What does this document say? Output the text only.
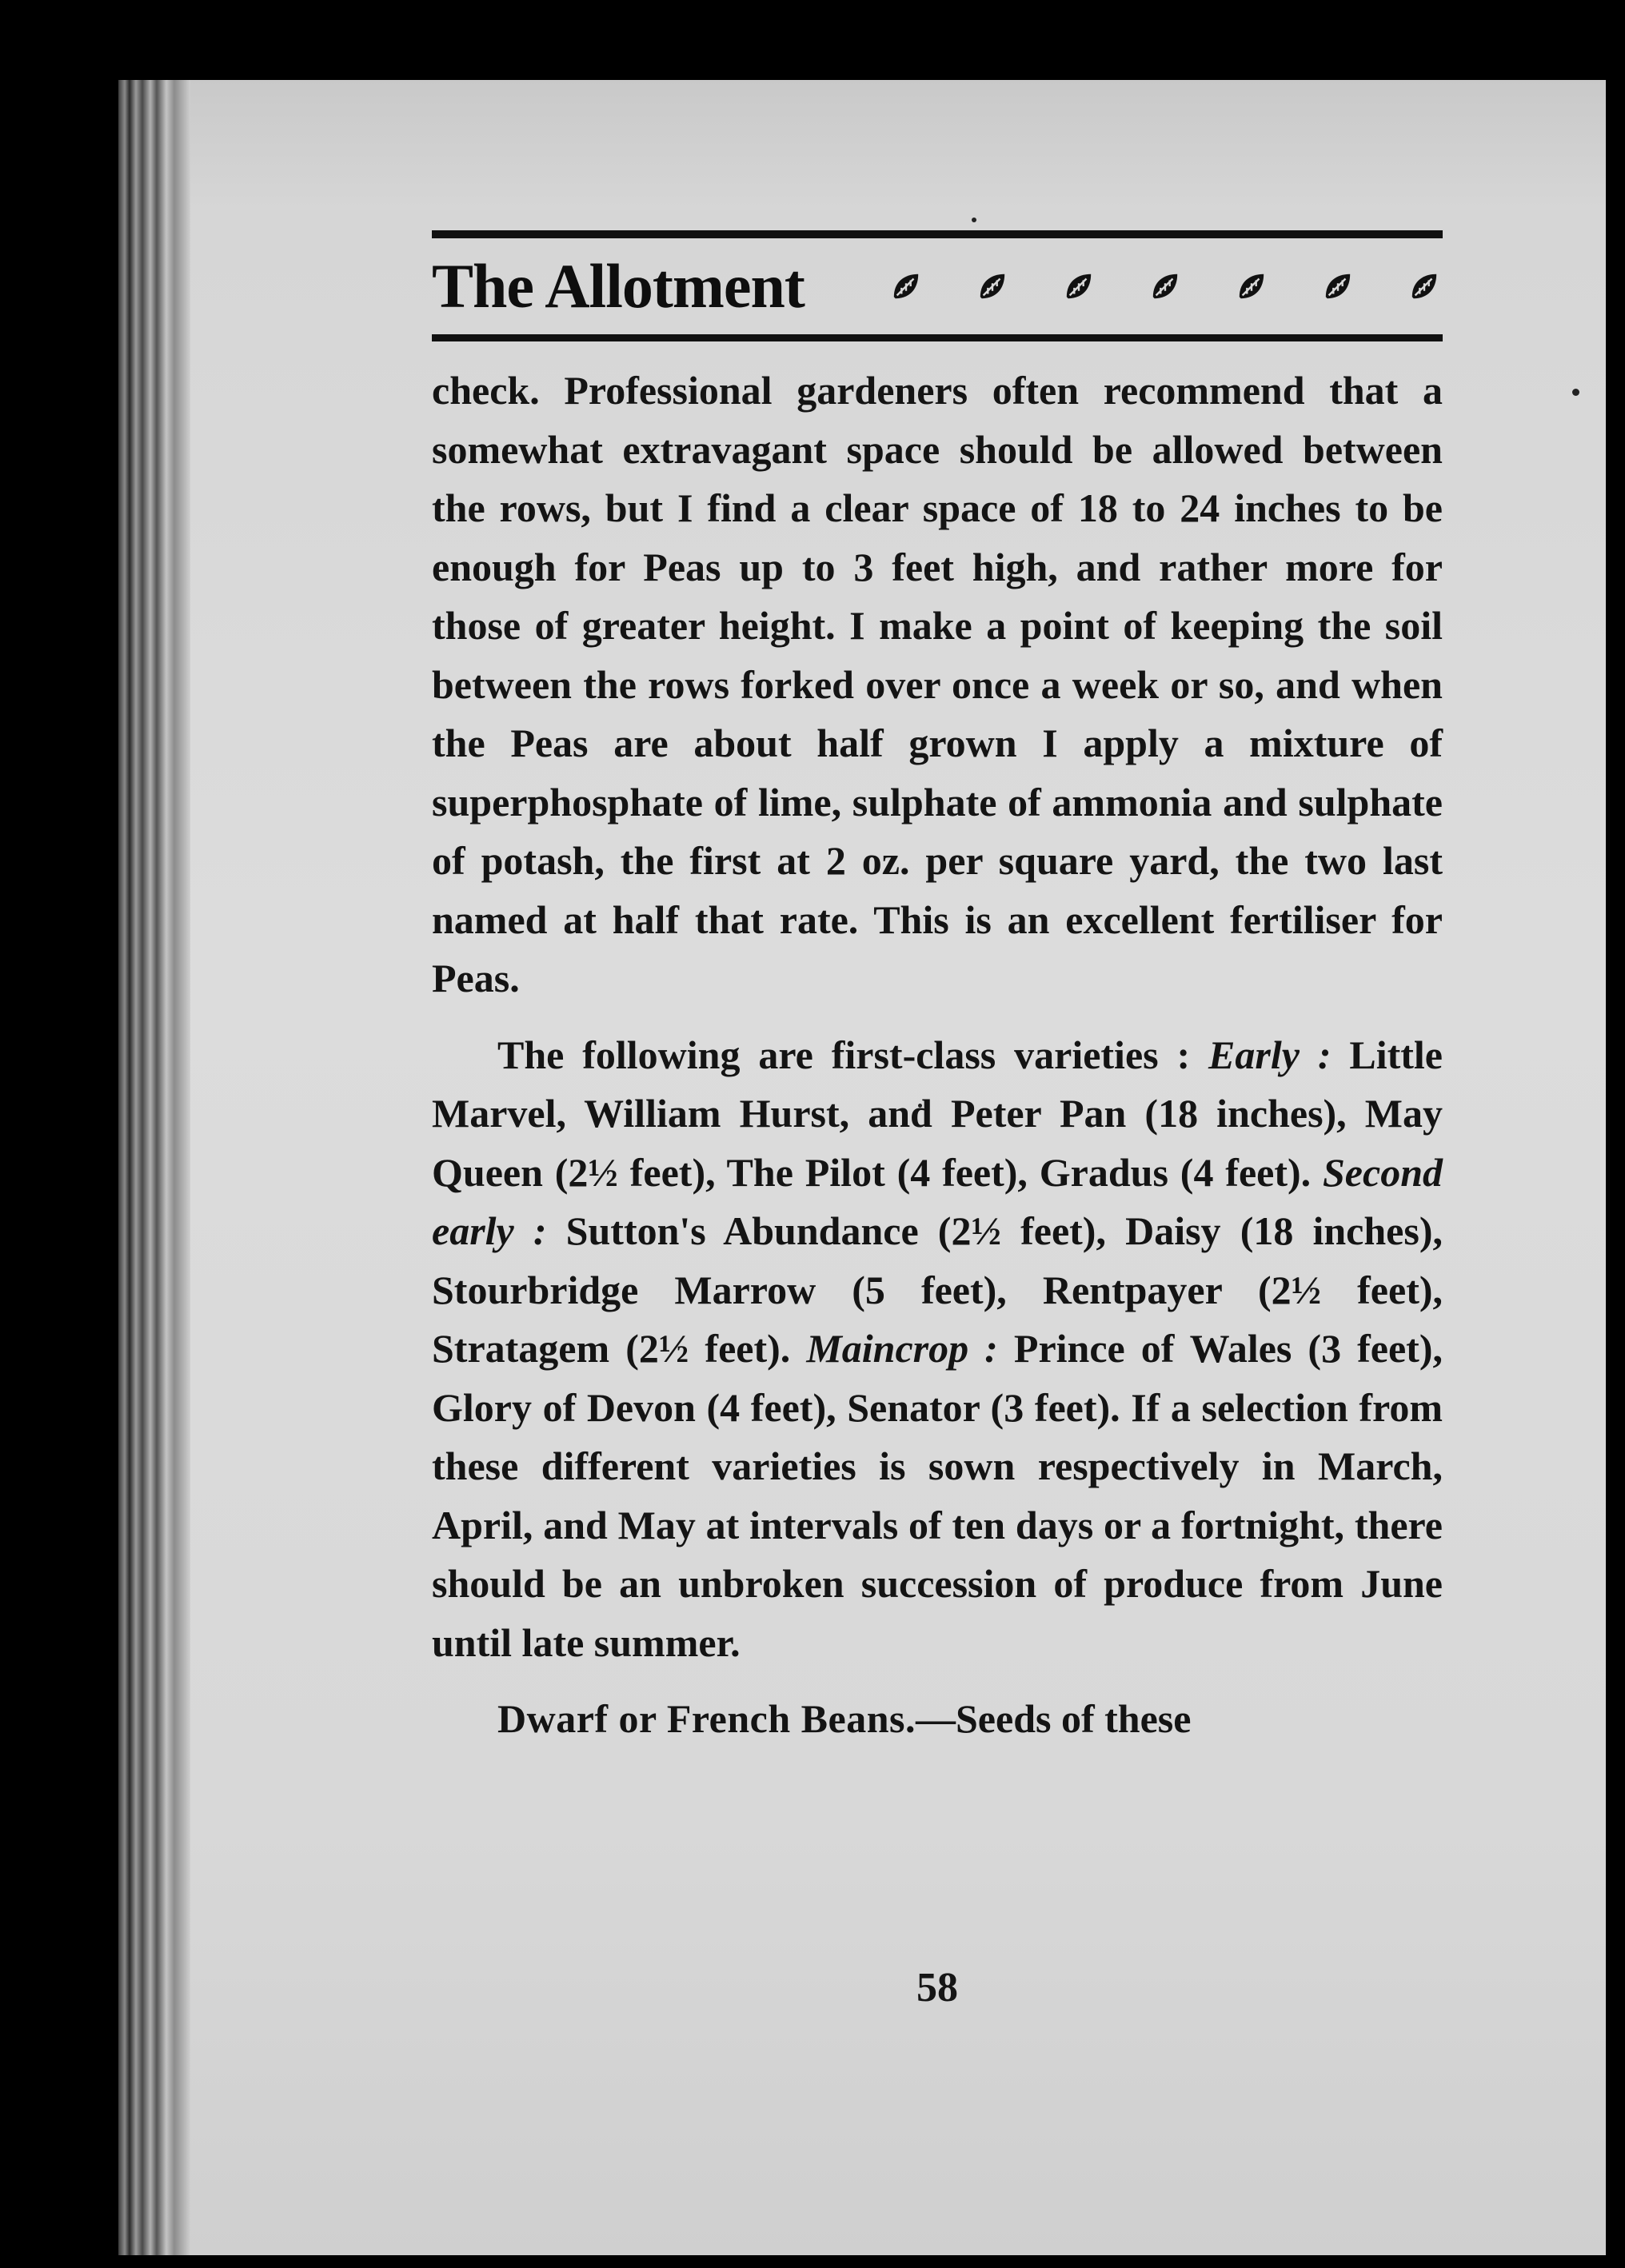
The Allotment

check. Professional gardeners often recommend that a somewhat extravagant space should be allowed between the rows, but I find a clear space of 18 to 24 inches to be enough for Peas up to 3 feet high, and rather more for those of greater height. I make a point of keeping the soil between the rows forked over once a week or so, and when the Peas are about half grown I apply a mixture of superphosphate of lime, sulphate of ammonia and sulphate of potash, the first at 2 oz. per square yard, the two last named at half that rate. This is an excellent fertiliser for Peas.

The following are first-class varieties : Early : Little Marvel, William Hurst, and Peter Pan (18 inches), May Queen (2½ feet), The Pilot (4 feet), Gradus (4 feet). Second early : Sutton's Abundance (2½ feet), Daisy (18 inches), Stourbridge Marrow (5 feet), Rentpayer (2½ feet), Stratagem (2½ feet). Maincrop : Prince of Wales (3 feet), Glory of Devon (4 feet), Senator (3 feet). If a selection from these different varieties is sown respectively in March, April, and May at intervals of ten days or a fortnight, there should be an unbroken succession of produce from June until late summer.

Dwarf or French Beans.—Seeds of these

58
